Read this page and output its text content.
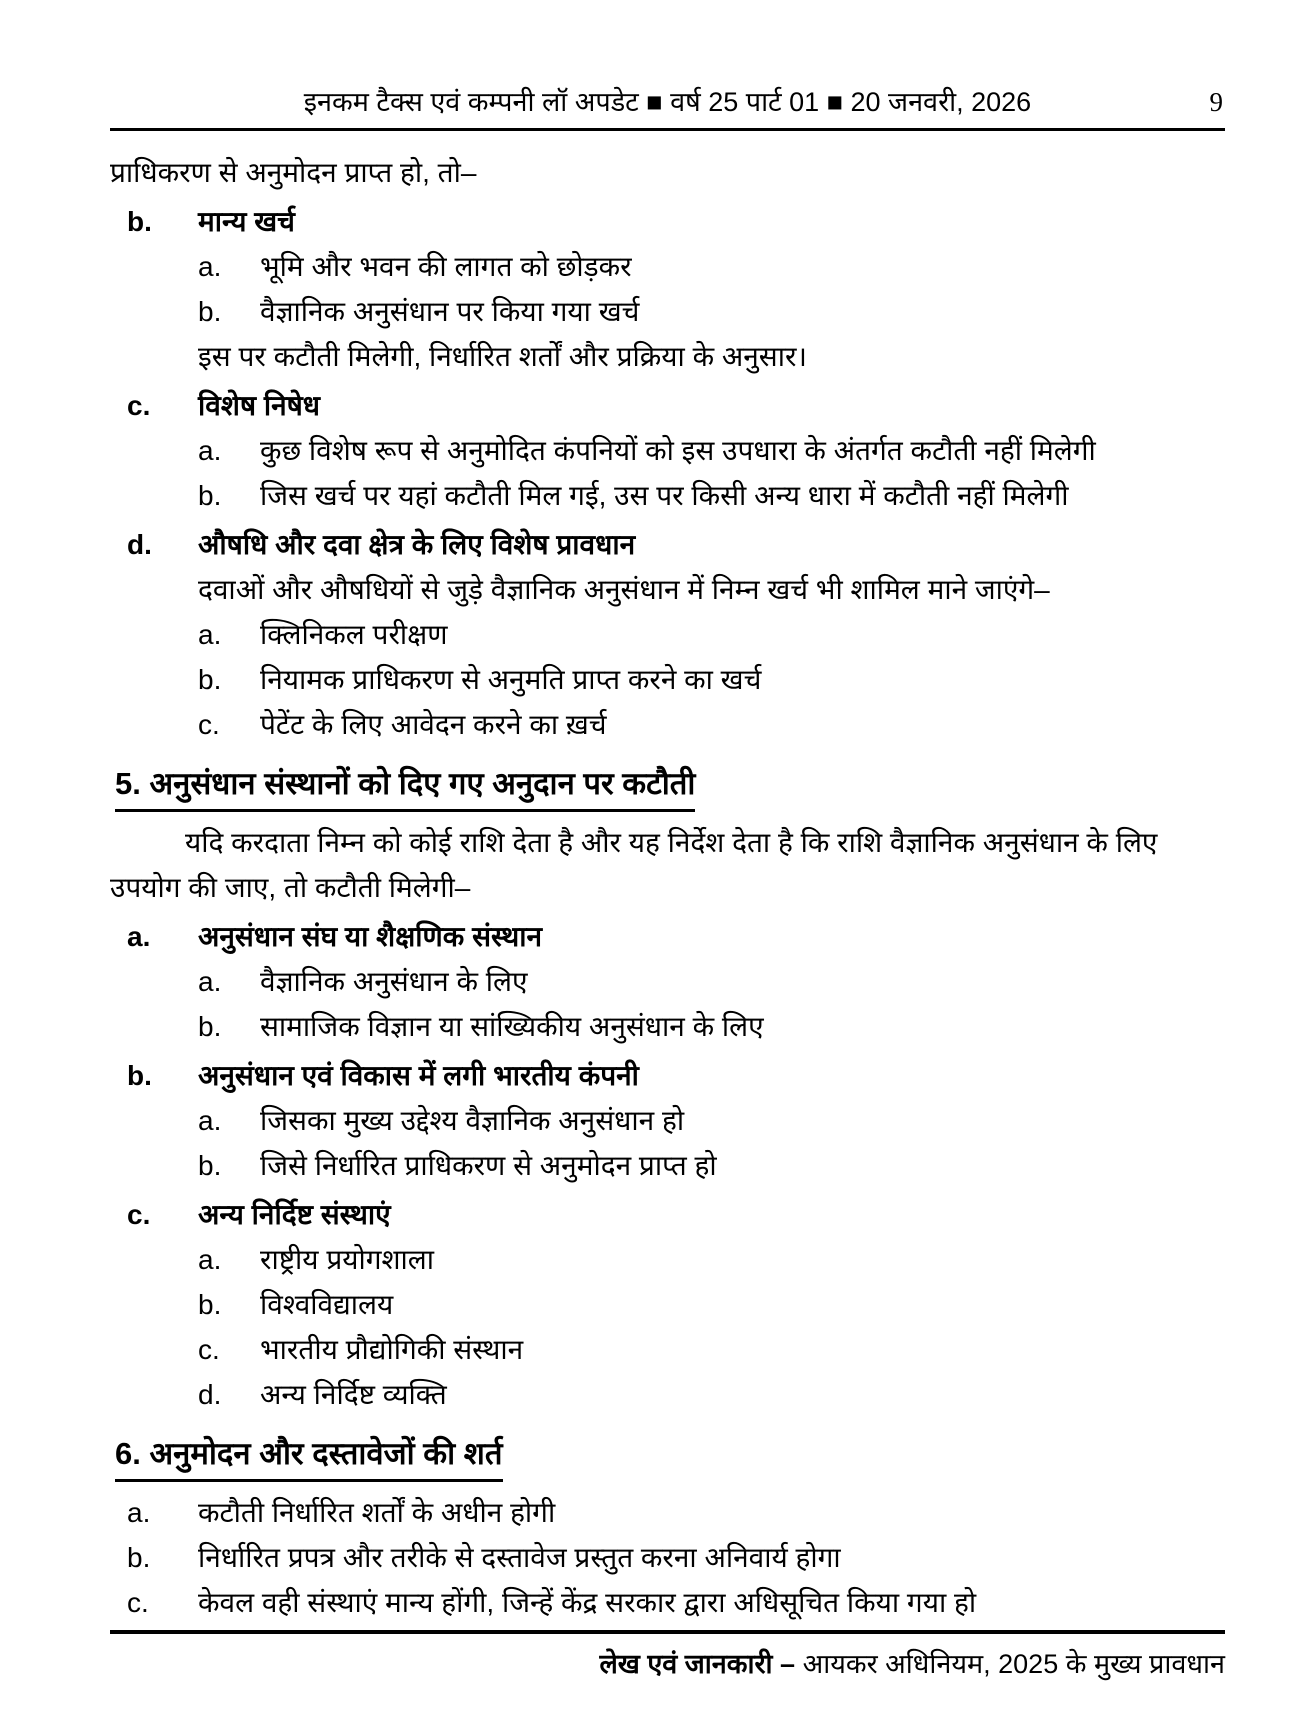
इनकम टैक्स एवं कम्पनी लॉ अपडेट ■ वर्ष 25 पार्ट 01 ■ 20 जनवरी, 2026	9
प्राधिकरण से अनुमोदन प्राप्त हो, तो–
b.	मान्य खर्च
a.	भूमि और भवन की लागत को छोड़कर
b.	वैज्ञानिक अनुसंधान पर किया गया खर्च
इस पर कटौती मिलेगी, निर्धारित शर्तों और प्रक्रिया के अनुसार।
c.	विशेष निषेध
a.	कुछ विशेष रूप से अनुमोदित कंपनियों को इस उपधारा के अंतर्गत कटौती नहीं मिलेगी
b.	जिस खर्च पर यहां कटौती मिल गई, उस पर किसी अन्य धारा में कटौती नहीं मिलेगी
d.	औषधि और दवा क्षेत्र के लिए विशेष प्रावधान
दवाओं और औषधियों से जुड़े वैज्ञानिक अनुसंधान में निम्न खर्च भी शामिल माने जाएंगे–
a.	क्लिनिकल परीक्षण
b.	नियामक प्राधिकरण से अनुमति प्राप्त करने का खर्च
c.	पेटेंट के लिए आवेदन करने का ख़र्च
5. अनुसंधान संस्थानों को दिए गए अनुदान पर कटौती
यदि करदाता निम्न को कोई राशि देता है और यह निर्देश देता है कि राशि वैज्ञानिक अनुसंधान के लिए उपयोग की जाए, तो कटौती मिलेगी–
a.	अनुसंधान संघ या शैक्षणिक संस्थान
a.	वैज्ञानिक अनुसंधान के लिए
b.	सामाजिक विज्ञान या सांख्यिकीय अनुसंधान के लिए
b.	अनुसंधान एवं विकास में लगी भारतीय कंपनी
a.	जिसका मुख्य उद्देश्य वैज्ञानिक अनुसंधान हो
b.	जिसे निर्धारित प्राधिकरण से अनुमोदन प्राप्त हो
c.	अन्य निर्दिष्ट संस्थाएं
a.	राष्ट्रीय प्रयोगशाला
b.	विश्वविद्यालय
c.	भारतीय प्रौद्योगिकी संस्थान
d.	अन्य निर्दिष्ट व्यक्ति
6. अनुमोदन और दस्तावेजों की शर्त
a.	कटौती निर्धारित शर्तों के अधीन होगी
b.	निर्धारित प्रपत्र और तरीके से दस्तावेज प्रस्तुत करना अनिवार्य होगा
c.	केवल वही संस्थाएं मान्य होंगी, जिन्हें केंद्र सरकार द्वारा अधिसूचित किया गया हो
लेख एवं जानकारी – आयकर अधिनियम, 2025 के मुख्य प्रावधान
